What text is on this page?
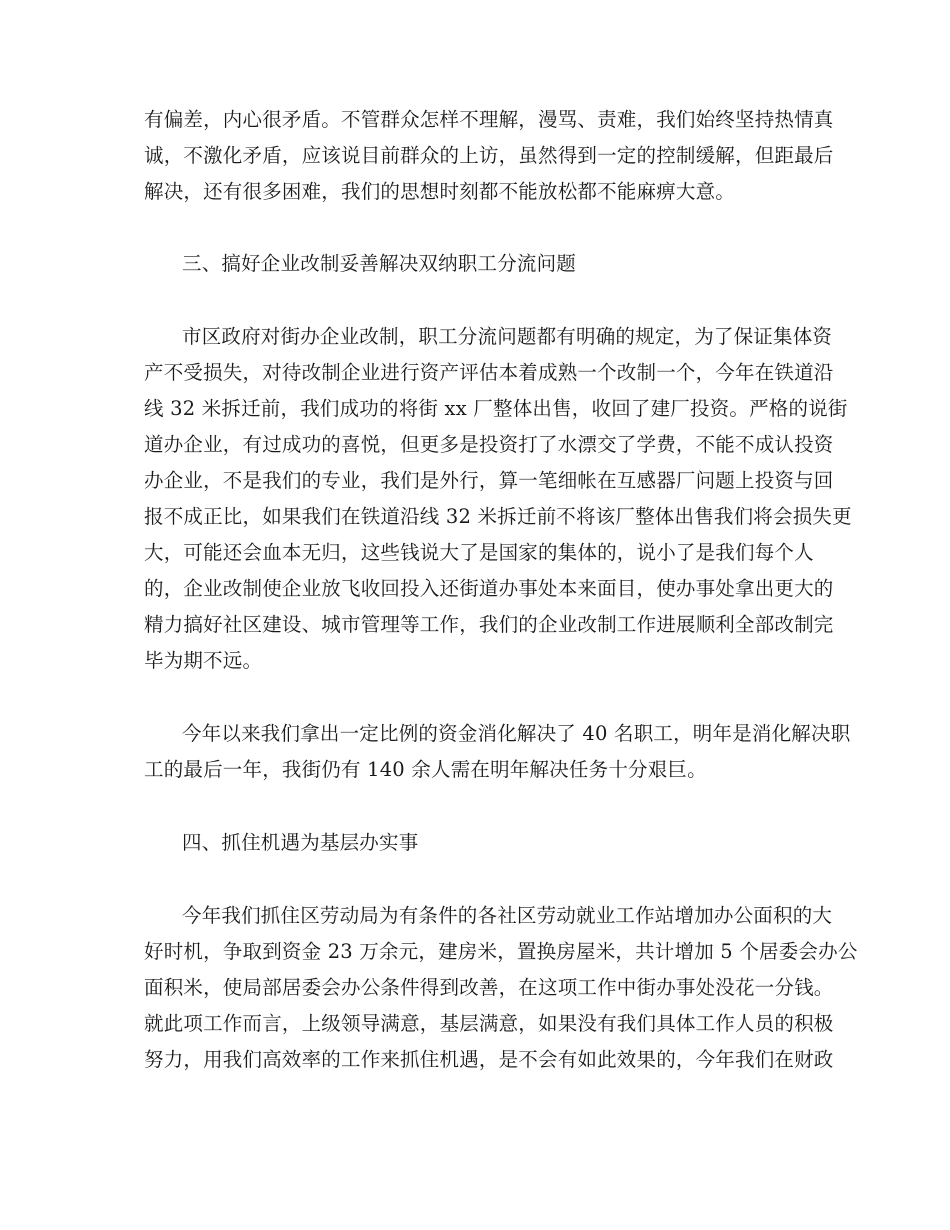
有偏差，内心很矛盾。不管群众怎样不理解，漫骂、责难，我们始终坚持热情真
诚，不激化矛盾，应该说目前群众的上访，虽然得到一定的控制缓解，但距最后
解决，还有很多困难，我们的思想时刻都不能放松都不能麻痹大意。
三、搞好企业改制妥善解决双纳职工分流问题
市区政府对街办企业改制，职工分流问题都有明确的规定，为了保证集体资
产不受损失，对待改制企业进行资产评估本着成熟一个改制一个，今年在铁道沿
线 32 米拆迁前，我们成功的将街 xx 厂整体出售，收回了建厂投资。严格的说街
道办企业，有过成功的喜悦，但更多是投资打了水漂交了学费，不能不成认投资
办企业，不是我们的专业，我们是外行，算一笔细帐在互感器厂问题上投资与回
报不成正比，如果我们在铁道沿线 32 米拆迁前不将该厂整体出售我们将会损失更
大，可能还会血本无归，这些钱说大了是国家的集体的，说小了是我们每个人
的，企业改制使企业放飞收回投入还街道办事处本来面目，使办事处拿出更大的
精力搞好社区建设、城市管理等工作，我们的企业改制工作进展顺利全部改制完
毕为期不远。
今年以来我们拿出一定比例的资金消化解决了 40 名职工，明年是消化解决职
工的最后一年，我街仍有 140 余人需在明年解决任务十分艰巨。
四、抓住机遇为基层办实事
今年我们抓住区劳动局为有条件的各社区劳动就业工作站增加办公面积的大
好时机，争取到资金 23 万余元，建房米，置换房屋米，共计增加 5 个居委会办公
面积米，使局部居委会办公条件得到改善，在这项工作中街办事处没花一分钱。
就此项工作而言，上级领导满意，基层满意，如果没有我们具体工作人员的积极
努力，用我们高效率的工作来抓住机遇，是不会有如此效果的，今年我们在财政
